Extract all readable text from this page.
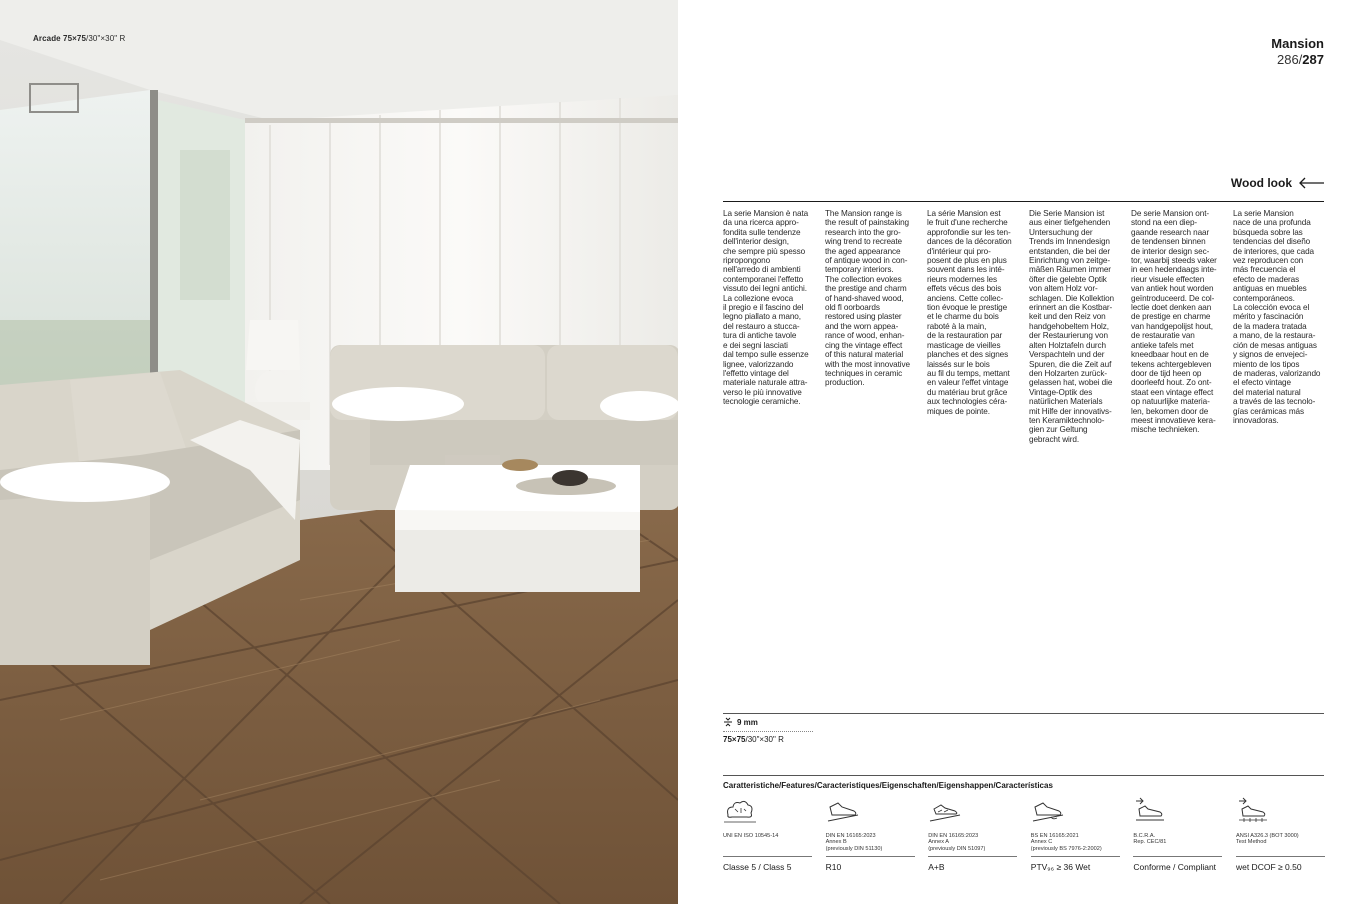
Arcade 75×75/30"×30" R	Mansion
286/287
Wood look
La serie Mansion è nata
da una ricerca appro-
fondita sulle tendenze
dell'interior design,
che sempre più spesso
ripropongono
nell'arredo di ambienti
contemporanei l'effetto
vissuto dei legni antichi.
La collezione evoca
il pregio e il fascino del
legno piallato a mano,
del restauro a stucca-
tura di antiche tavole
e dei segni lasciati
dal tempo sulle essenze
lignee, valorizzando
l'effetto vintage del
materiale naturale attra-
verso le più innovative
tecnologie ceramiche.
The Mansion range is
the result of painstaking
research into the gro-
wing trend to recreate
the aged appearance
of antique wood in con-
temporary interiors.
The collection evokes
the prestige and charm
of hand-shaved wood,
old fl oorboards
restored using plaster
and the worn appea-
rance of wood, enhan-
cing the vintage effect
of this natural material
with the most innovative
techniques in ceramic
production.
La série Mansion est
le fruit d'une recherche
approfondie sur les ten-
dances de la décoration
d'intérieur qui pro-
posent de plus en plus
souvent dans les inté-
rieurs modernes les
effets vécus des bois
anciens. Cette collec-
tion évoque le prestige
et le charme du bois
raboté à la main,
de la restauration par
masticage de vieilles
planches et des signes
laissés sur le bois
au fil du temps, mettant
en valeur l'effet vintage
du matériau brut grâce
aux technologies céra-
miques de pointe.
Die Serie Mansion ist
aus einer tiefgehenden
Untersuchung der
Trends im Innendesign
entstanden, die bei der
Einrichtung von zeitge-
mäßen Räumen immer
öfter die gelebte Optik
von altem Holz vor-
schlagen. Die Kollektion
erinnert an die Kostbar-
keit und den Reiz von
handgehobeltem Holz,
der Restaurierung von
alten Holztafeln durch
Verspachteln und der
Spuren, die die Zeit auf
den Holzarten zurück-
gelassen hat, wobei die
Vintage-Optik des
natürlichen Materials
mit Hilfe der innovativs-
ten Keramiktechnolo-
gien zur Geltung
gebracht wird.
De serie Mansion ont-
stond na een diep-
gaande research naar
de tendensen binnen
de interior design sec-
tor, waarbij steeds vaker
in een hedendaags inte-
rieur visuele effecten
van antiek hout worden
geïntroduceerd. De col-
lectie doet denken aan
de prestige en charme
van handgepolijst hout,
de restauratie van
antieke tafels met
kneedbaar hout en de
tekens achtergebleven
door de tijd heen op
doorleefd hout. Zo ont-
staat een vintage effect
op natuurlijke materia-
len, bekomen door de
meest innovatieve kera-
mische technieken.
La serie Mansion
nace de una profunda
búsqueda sobre las
tendencias del diseño
de interiores, que cada
vez reproducen con
más frecuencia el
efecto de maderas
antiguas en muebles
contemporáneos.
La colección evoca el
mérito y fascinación
de la madera tratada
a mano, de la restaura-
ción de mesas antiguas
y signos de envejeci-
miento de los tipos
de maderas, valorizando
el efecto vintage
del material natural
a través de las tecnolo-
gías cerámicas más
innovadoras.
9 mm
75×75/30"×30" R
Caratteristiche/Features/Caracteristiques/Eigenschaften/Eigenshappen/Características
UNI EN ISO 10545-14
Classe 5 / Class 5
DIN EN 16165:2023
Annex B
(previously DIN 51130)
R10
DIN EN 16165:2023
Annex A
(previously DIN 51097)
A+B
BS EN 16165:2021
Annex C
(previously BS 7976-2:2002)
PTV₉₆ ≥ 36 Wet
B.C.R.A.
Rep. CEC/81
Conforme / Compliant
ANSI A326.3 (BOT 3000)
Test Method
wet DCOF ≥ 0.50
